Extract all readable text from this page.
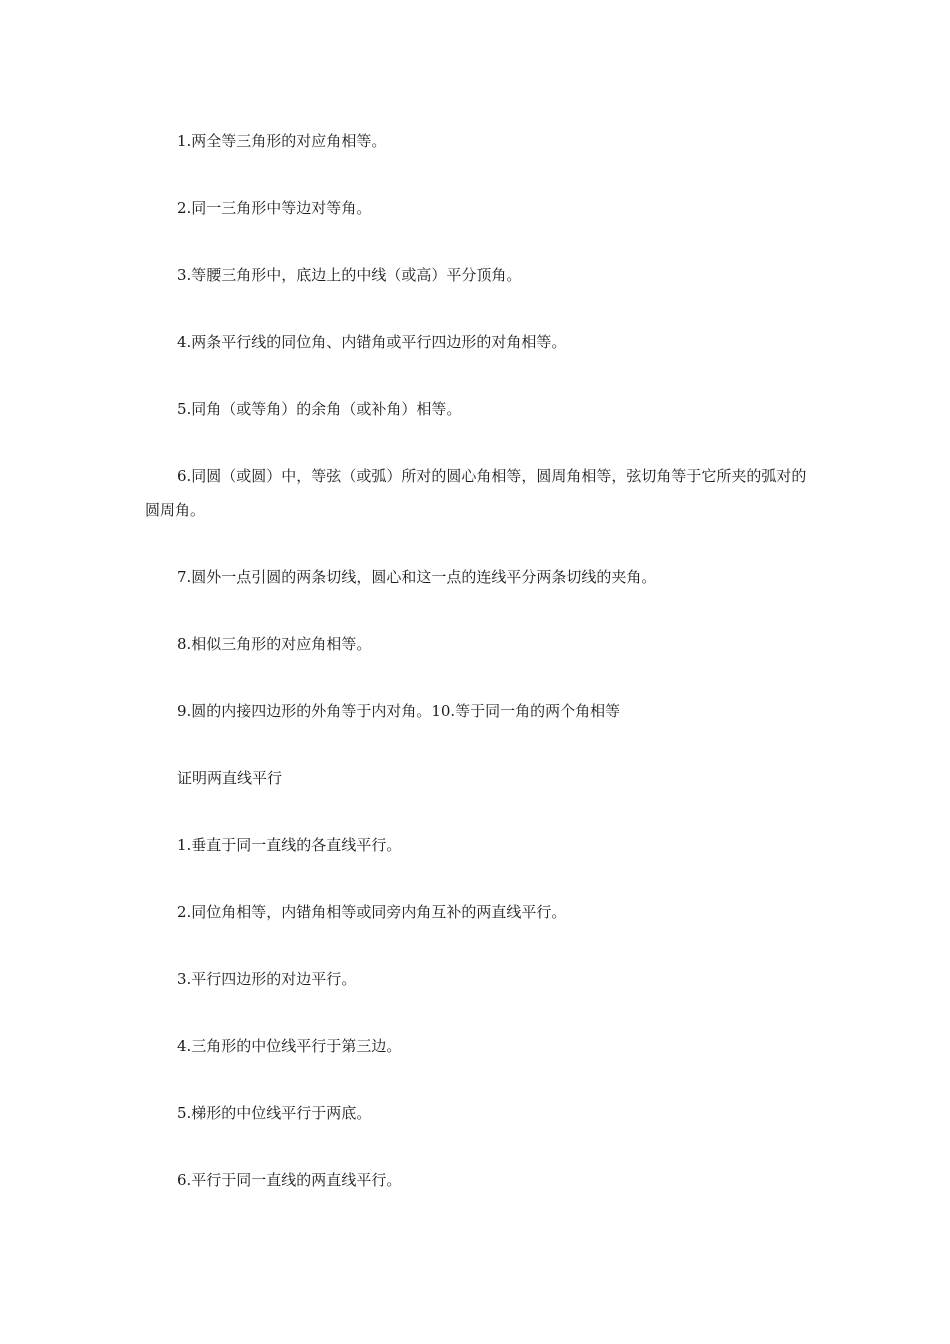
1.两全等三角形的对应角相等。

2.同一三角形中等边对等角。

3.等腰三角形中，底边上的中线（或高）平分顶角。

4.两条平行线的同位角、内错角或平行四边形的对角相等。

5.同角（或等角）的余角（或补角）相等。

6.同圆（或圆）中，等弦（或弧）所对的圆心角相等，圆周角相等，弦切角等于它所夹的弧对的圆周角。

7.圆外一点引圆的两条切线，圆心和这一点的连线平分两条切线的夹角。

8.相似三角形的对应角相等。

9.圆的内接四边形的外角等于内对角。10.等于同一角的两个角相等

证明两直线平行

1.垂直于同一直线的各直线平行。

2.同位角相等，内错角相等或同旁内角互补的两直线平行。

3.平行四边形的对边平行。

4.三角形的中位线平行于第三边。

5.梯形的中位线平行于两底。

6.平行于同一直线的两直线平行。
